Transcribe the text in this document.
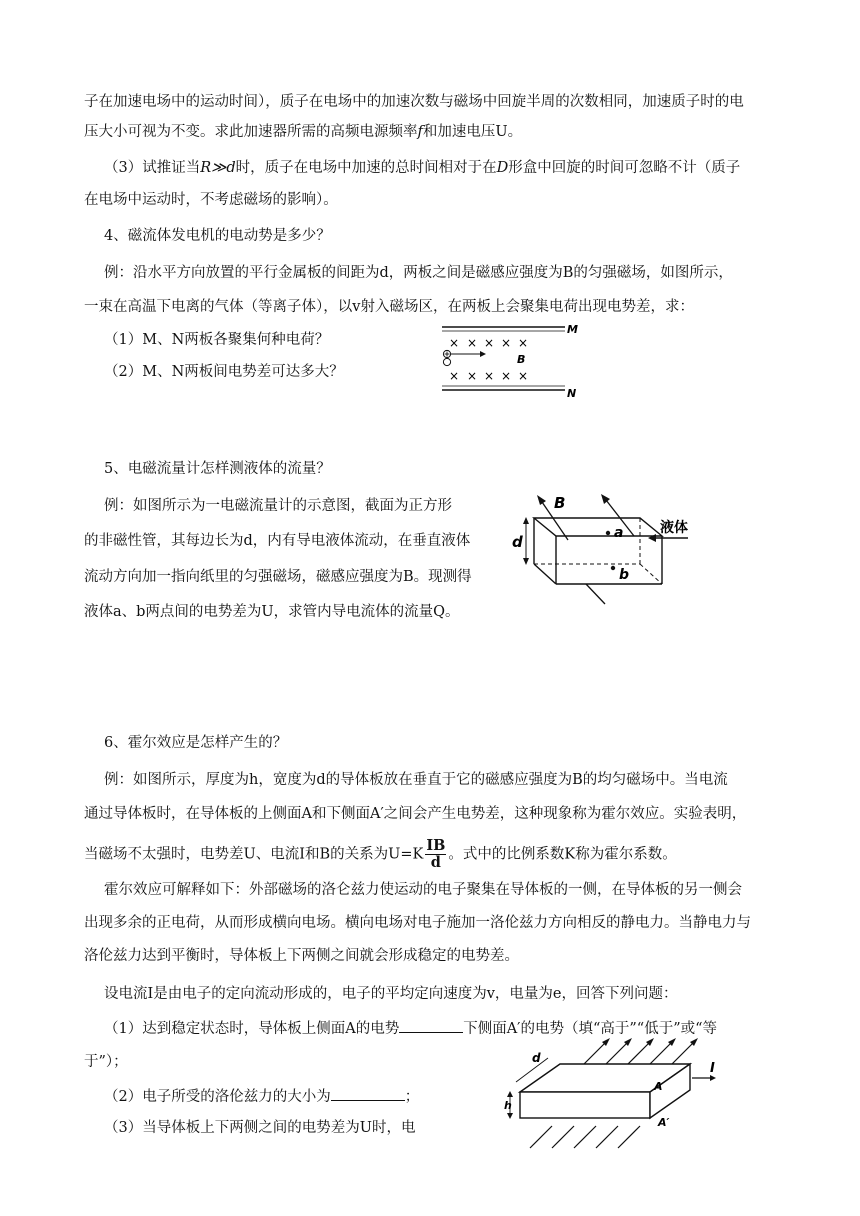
子在加速电场中的运动时间），质子在电场中的加速次数与磁场中回旋半周的次数相同，加速质子时的电
压大小可视为不变。求此加速器所需的高频电源频率f和加速电压U。
（3）试推证当R≫d时，质子在电场中加速的总时间相对于在D形盒中回旋的时间可忽略不计（质子
在电场中运动时，不考虑磁场的影响）。
4、磁流体发电机的电动势是多少？
例：沿水平方向放置的平行金属板的间距为d，两板之间是磁感应强度为B的匀强磁场，如图所示，
一束在高温下电离的气体（等离子体），以v射入磁场区，在两板上会聚集电荷出现电势差，求：
（1）M、N两板各聚集何种电荷？
（2）M、N两板间电势差可达多大？
5、电磁流量计怎样测液体的流量？
例：如图所示为一电磁流量计的示意图，截面为正方形
的非磁性管，其每边长为d，内有导电液体流动，在垂直液体
流动方向加一指向纸里的匀强磁场，磁感应强度为B。现测得
液体a、b两点间的电势差为U，求管内导电流体的流量Q。
6、霍尔效应是怎样产生的？
例：如图所示，厚度为h，宽度为d的导体板放在垂直于它的磁感应强度为B的均匀磁场中。当电流
通过导体板时，在导体板的上侧面A和下侧面A′之间会产生电势差，这种现象称为霍尔效应。实验表明，
当磁场不太强时，电势差U、电流I和B的关系为$U=K \frac{IB}{d}$ 。式中的比例系数K称为霍尔系数。
霍尔效应可解释如下：外部磁场的洛仑兹力使运动的电子聚集在导体板的一侧，在导体板的另一侧会
出现多余的正电荷，从而形成横向电场。横向电场对电子施加一洛伦兹力方向相反的静电力。当静电力与
洛伦兹力达到平衡时，导体板上下两侧之间就会形成稳定的电势差。
设电流I是由电子的定向流动形成的，电子的平均定向速度为v，电量为e，回答下列问题：
（1）达到稳定状态时，导体板上侧面A的电势	下侧面A′的电势（填“高于”“低于”或“等
于”）；
（2）电子所受的洛伦兹力的大小为	；
（3）当导体板上下两侧之间的电势差为U时，电
M
× × × × ×
B
× × × × ×
N
B
d	a
b
液体
d
h
A
A′
I
